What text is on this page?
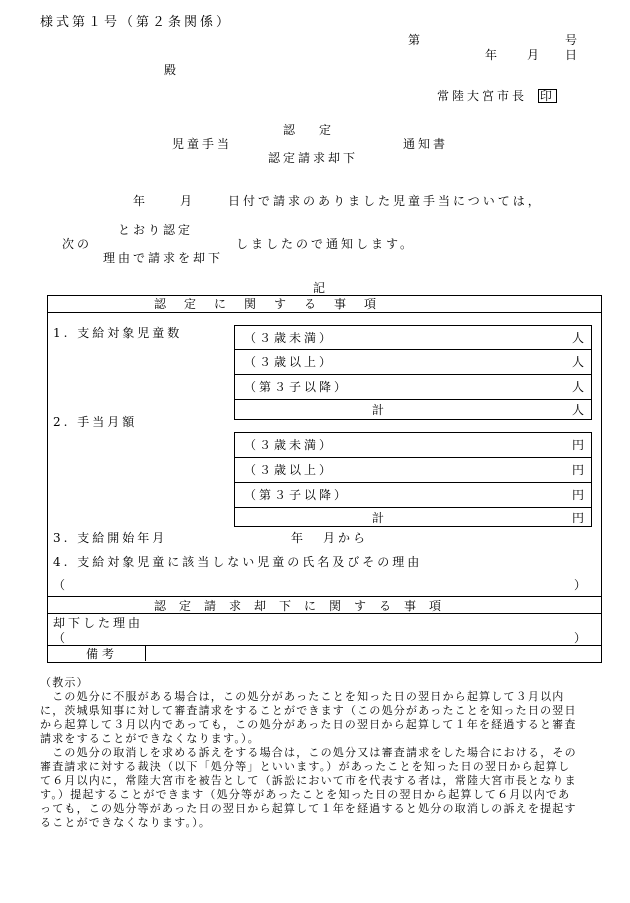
様式第１号（第２条関係）
第	号
年 月 日
殿
常陸大宮市長 印
認　　定
児童手当	通知書
認定請求却下
年	月	日付で請求のありました児童手当については，
とおり認定
次の	しましたので通知します。
理由で請求を却下
記
認定に関する事項
1. 支給対象児童数	（３歳未満）	人
（３歳以上）	人
（第３子以降）	人
計	人
2. 手当月額
（３歳未満）	円
（３歳以上）	円
（第３子以降）	円
計	円
3. 支給開始年月	年 月から
4. 支給対象児童に該当しない児童の氏名及びその理由
（	）
認定請求却下に関する事項
却下した理由
（	）
備考

（教示）

　この処分に不服がある場合は，この処分があったことを知った日の翌日から起算して３月以内に，茨城県知事に対して審査請求をすることができます（この処分があったことを知った日の翌日から起算して３月以内であっても，この処分があった日の翌日から起算して１年を経過すると審査請求をすることができなくなります。）。

　この処分の取消しを求める訴えをする場合は，この処分又は審査請求をした場合における，その審査請求に対する裁決（以下「処分等」といいます。）があったことを知った日の翌日から起算して６月以内に，常陸大宮市を被告として（訴訟において市を代表する者は，常陸大宮市長となります。）提起することができます（処分等があったことを知った日の翌日から起算して６月以内であっても，この処分等があった日の翌日から起算して１年を経過すると処分の取消しの訴えを提起することができなくなります。）。
